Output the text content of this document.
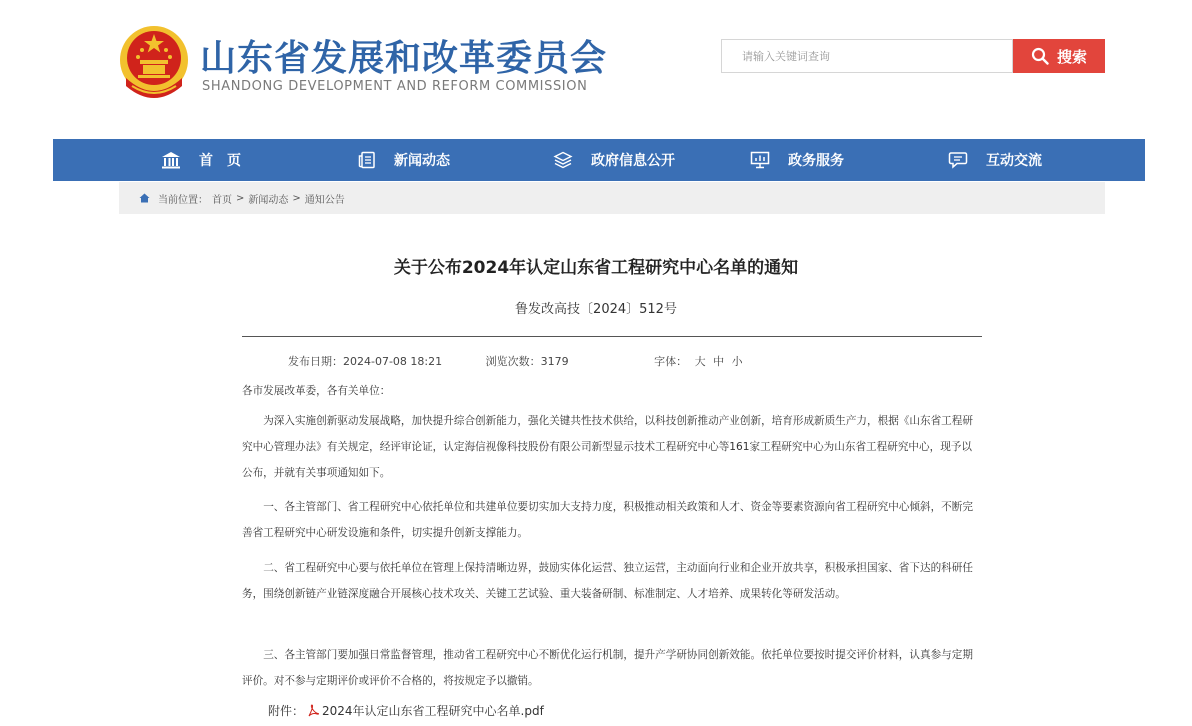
山东省发展和改革委员会
SHANDONG DEVELOPMENT AND REFORM COMMISSION
请输入关键词查询
搜索
首　页	新闻动态	政府信息公开	政务服务	互动交流
当前位置： 首页 > 新闻动态 > 通知公告
关于公布2024年认定山东省工程研究中心名单的通知
鲁发改高技〔2024〕512号
发布日期：2024-07-08 18:21	浏览次数：3179	字体： 大 中 小
各市发展改革委，各有关单位：
为深入实施创新驱动发展战略，加快提升综合创新能力，强化关键共性技术供给，以科技创新推动产业创新，培育形成新质生产力，根据《山东省工程研究中心管理办法》有关规定，经评审论证，认定海信视像科技股份有限公司新型显示技术工程研究中心等161家工程研究中心为山东省工程研究中心，现予以公布，并就有关事项通知如下。
一、各主管部门、省工程研究中心依托单位和共建单位要切实加大支持力度，积极推动相关政策和人才、资金等要素资源向省工程研究中心倾斜，不断完善省工程研究中心研发设施和条件，切实提升创新支撑能力。
二、省工程研究中心要与依托单位在管理上保持清晰边界，鼓励实体化运营、独立运营，主动面向行业和企业开放共享，积极承担国家、省下达的科研任务，围绕创新链产业链深度融合开展核心技术攻关、关键工艺试验、重大装备研制、标准制定、人才培养、成果转化等研发活动。
三、各主管部门要加强日常监督管理，推动省工程研究中心不断优化运行机制，提升产学研协同创新效能。依托单位要按时提交评价材料，认真参与定期评价。对不参与定期评价或评价不合格的，将按规定予以撤销。
附件： 2024年认定山东省工程研究中心名单.pdf
